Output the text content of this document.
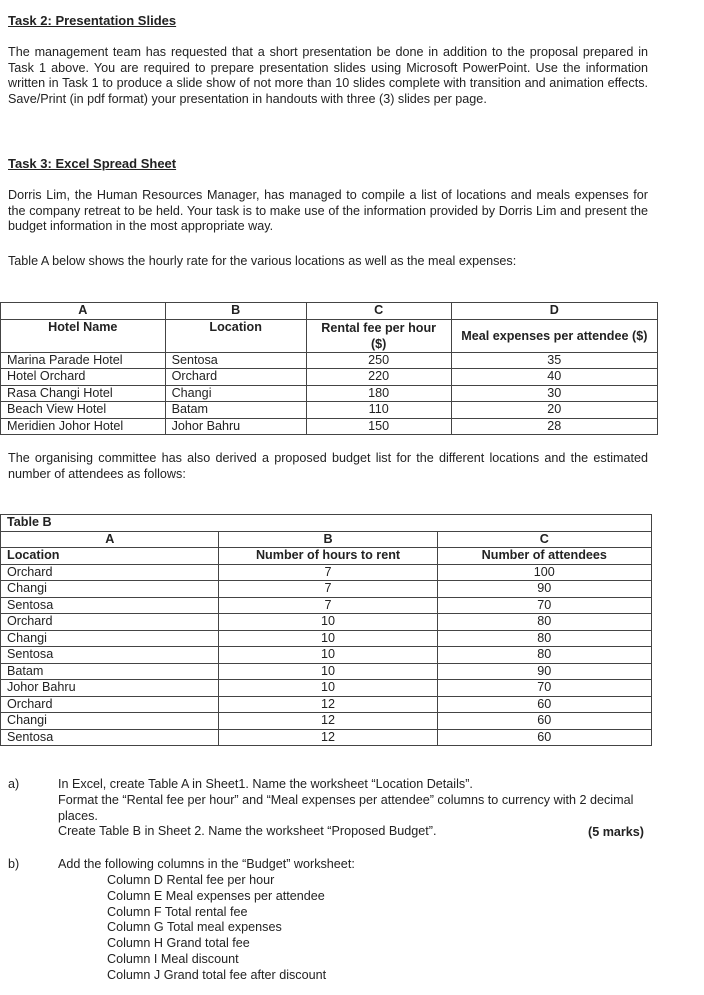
Task 2: Presentation Slides
The management team has requested that a short presentation be done in addition to the proposal prepared in Task 1 above. You are required to prepare presentation slides using Microsoft PowerPoint. Use the information written in Task 1 to produce a slide show of not more than 10 slides complete with transition and animation effects. Save/Print (in pdf format) your presentation in handouts with three (3) slides per page.
Task 3: Excel Spread Sheet
Dorris Lim, the Human Resources Manager, has managed to compile a list of locations and meals expenses for the company retreat to be held. Your task is to make use of the information provided by Dorris Lim and present the budget information in the most appropriate way.
Table A below shows the hourly rate for the various locations as well as the meal expenses:
A	B	C	D
Hotel Name	Location	Rental fee per hour ($)	Meal expenses per attendee ($)
Marina Parade Hotel	Sentosa	250	35
Hotel Orchard	Orchard	220	40
Rasa Changi Hotel	Changi	180	30
Beach View Hotel	Batam	110	20
Meridien Johor Hotel	Johor Bahru	150	28
The organising committee has also derived a proposed budget list for the different locations and the estimated number of attendees as follows:
Table B		
A	B	C
Location	Number of hours to rent	Number of attendees
Orchard	7	100
Changi	7	90
Sentosa	7	70
Orchard	10	80
Changi	10	80
Sentosa	10	80
Batam	10	90
Johor Bahru	10	70
Orchard	12	60
Changi	12	60
Sentosa	12	60
a)	In Excel, create Table A in Sheet1. Name the worksheet “Location Details”.
Format the “Rental fee per hour” and “Meal expenses per attendee” columns to currency with 2 decimal places.
Create Table B in Sheet 2. Name the worksheet “Proposed Budget”.	(5 marks)
b)	Add the following columns in the “Budget” worksheet:
Column D Rental fee per hour
Column E Meal expenses per attendee
Column F Total rental fee
Column G Total meal expenses
Column H Grand total fee
Column I Meal discount
Column J Grand total fee after discount
